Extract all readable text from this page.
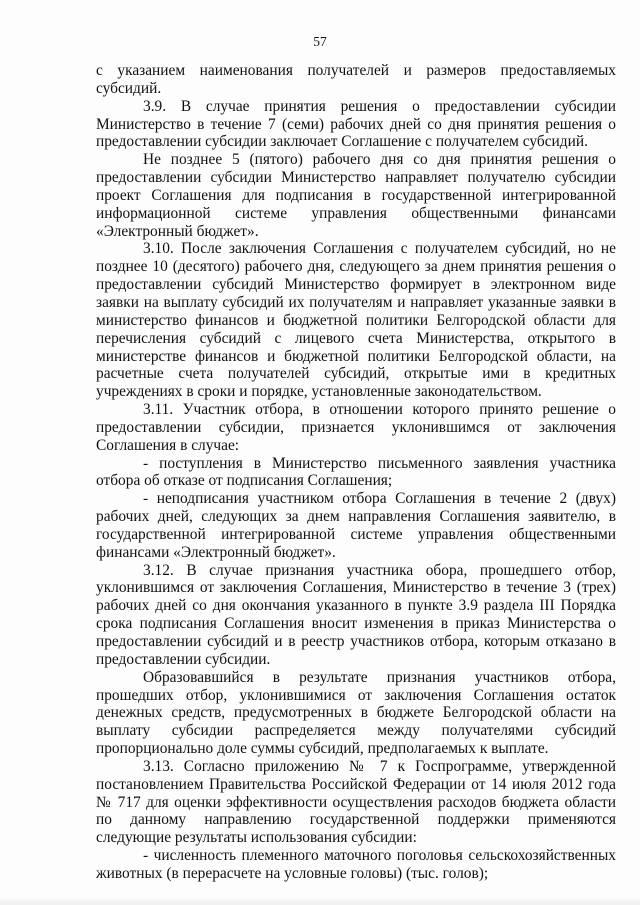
57

с указанием наименования получателей и размеров предоставляемых субсидий.

3.9. В случае принятия решения о предоставлении субсидии Министерство в течение 7 (семи) рабочих дней со дня принятия решения о предоставлении субсидии заключает Соглашение с получателем субсидий.

Не позднее 5 (пятого) рабочего дня со дня принятия решения о предоставлении субсидии Министерство направляет получателю субсидии проект Соглашения для подписания в государственной интегрированной информационной системе управления общественными финансами «Электронный бюджет».

3.10. После заключения Соглашения с получателем субсидий, но не позднее 10 (десятого) рабочего дня, следующего за днем принятия решения о предоставлении субсидий Министерство формирует в электронном виде заявки на выплату субсидий их получателям и направляет указанные заявки в министерство финансов и бюджетной политики Белгородской области для перечисления субсидий с лицевого счета Министерства, открытого в министерстве финансов и бюджетной политики Белгородской области, на расчетные счета получателей субсидий, открытые ими в кредитных учреждениях в сроки и порядке, установленные законодательством.

3.11. Участник отбора, в отношении которого принято решение о предоставлении субсидии, признается уклонившимся от заключения Соглашения в случае:

- поступления в Министерство письменного заявления участника отбора об отказе от подписания Соглашения;

- неподписания участником отбора Соглашения в течение 2 (двух) рабочих дней, следующих за днем направления Соглашения заявителю, в государственной интегрированной системе управления общественными финансами «Электронный бюджет».

3.12. В случае признания участника обора, прошедшего отбор, уклонившимся от заключения Соглашения, Министерство в течение 3 (трех) рабочих дней со дня окончания указанного в пункте 3.9 раздела III Порядка срока подписания Соглашения вносит изменения в приказ Министерства о предоставлении субсидий и в реестр участников отбора, которым отказано в предоставлении субсидии.

Образовавшийся в результате признания участников отбора, прошедших отбор, уклонившимися от заключения Соглашения остаток денежных средств, предусмотренных в бюджете Белгородской области на выплату субсидии распределяется между получателями субсидий пропорционально доле суммы субсидий, предполагаемых к выплате.

3.13. Согласно приложению № 7 к Госпрограмме, утвержденной постановлением Правительства Российской Федерации от 14 июля 2012 года № 717 для оценки эффективности осуществления расходов бюджета области по данному направлению государственной поддержки применяются следующие результаты использования субсидии:

- численность племенного маточного поголовья сельскохозяйственных животных (в перерасчете на условные головы) (тыс. голов);
